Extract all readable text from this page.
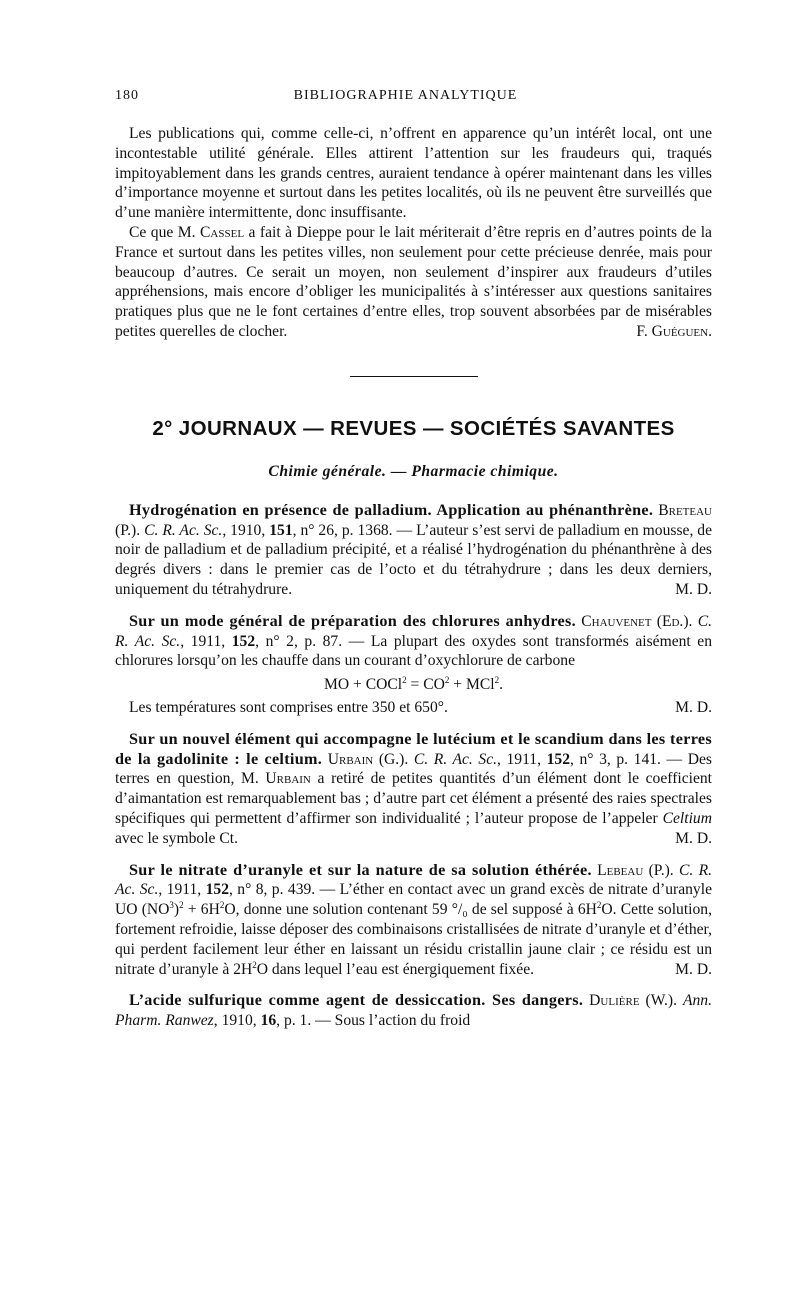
180	BIBLIOGRAPHIE ANALYTIQUE

Les publications qui, comme celle-ci, n’offrent en apparence qu’un intérêt local, ont une incontestable utilité générale. Elles attirent l’attention sur les fraudeurs qui, traqués impitoyablement dans les grands centres, auraient tendance à opérer maintenant dans les villes d’importance moyenne et surtout dans les petites localités, où ils ne peuvent être surveillés que d’une manière intermittente, donc insuffisante.

Ce que M. Cassel a fait à Dieppe pour le lait mériterait d’être repris en d’autres points de la France et surtout dans les petites villes, non seulement pour cette précieuse denrée, mais pour beaucoup d’autres. Ce serait un moyen, non seulement d’inspirer aux fraudeurs d’utiles appréhensions, mais encore d’obliger les municipalités à s’intéresser aux questions sanitaires pratiques plus que ne le font certaines d’entre elles, trop souvent absorbées par de misérables petites querelles de clocher.	F. Guéguen.

2° JOURNAUX — REVUES — SOCIÉTÉS SAVANTES
Chimie générale. — Pharmacie chimique.

Hydrogénation en présence de palladium. Application au phénanthrène. Breteau (P.). C. R. Ac. Sc., 1910, 151, n° 26, p. 1368. — L’auteur s’est servi de palladium en mousse, de noir de palladium et de palladium précipité, et a réalisé l’hydrogénation du phénanthrène à des degrés divers : dans le premier cas de l’octo et du tétrahydrure ; dans les deux derniers, uniquement du tétrahydrure.	M. D.

Sur un mode général de préparation des chlorures anhydres. Chauvenet (Ed.). C. R. Ac. Sc., 1911, 152, n° 2, p. 87. — La plupart des oxydes sont transformés aisément en chlorures lorsqu’on les chauffe dans un courant d’oxychlorure de carbone

MO + COCl$^2$ = $CO^2 + MCl^2$.

Les températures sont comprises entre 350 et 650°.	M. D.

Sur un nouvel élément qui accompagne le lutécium et le scandium dans les terres de la gadolinite : le celtium. Urbain (G.). C. R. Ac. Sc., 1911, 152, n° 3, p. 141. — Des terres en question, M. Urbain a retiré de petites quantités d’un élément dont le coefficient d’aimantation est remarquablement bas ; d’autre part cet élément a présenté des raies spectrales spécifiques qui permettent d’affirmer son individualité ; l’auteur propose de l’appeler Celtium avec le symbole Ct.	M. D.

Sur le nitrate d’uranyle et sur la nature de sa solution éthérée. Lebeau (P.). C. R. Ac. Sc., 1911, 152, n° 8, p. 439. — L’éther en contact avec un grand excès de nitrate d’uranyle UO $(NO^3)^2 + 6H^2O$, donne une solution contenant 59 °/₀ de sel supposé à $6H^2O$. Cette solution, fortement refroidie, laisse déposer des combinaisons cristallisées de nitrate d’uranyle et d’éther, qui perdent facilement leur éther en laissant un résidu cristallin jaune clair ; ce résidu est un nitrate d’uranyle à $2H^2O$ dans lequel l’eau est énergiquement fixée.	M. D.

L’acide sulfurique comme agent de dessiccation. Ses dangers. Dulière (W.). Ann. Pharm. Ranwez, 1910, 16, p. 1. — Sous l’action du froid
